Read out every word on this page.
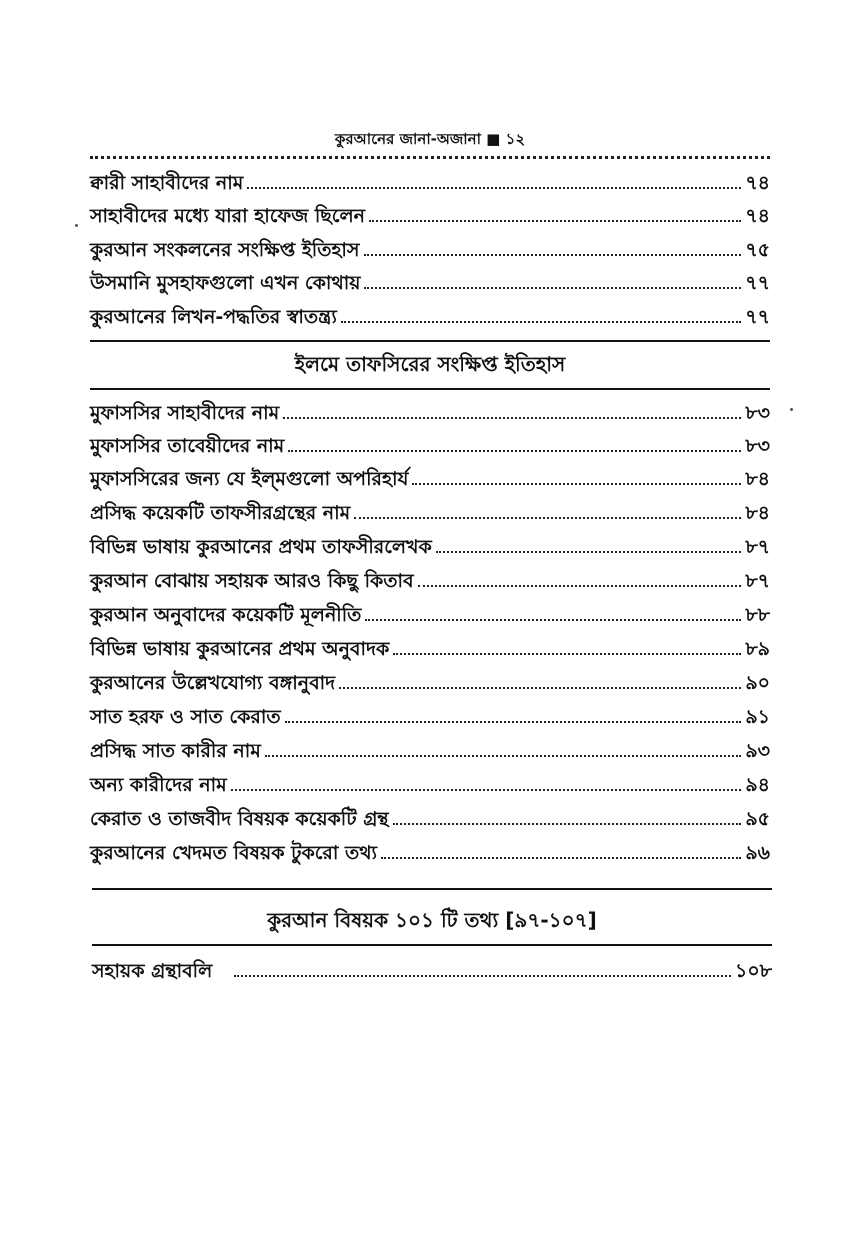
কুরআনের জানা-অজানা ■ ১২
ক্বারী সাহাবীদের নাম	৭৪
সাহাবীদের মধ্যে যারা হাফেজ ছিলেন	৭৪
কুরআন সংকলনের সংক্ষিপ্ত ইতিহাস	৭৫
উসমানি মুসহাফগুলো এখন কোথায়	৭৭
কুরআনের লিখন-পদ্ধতির স্বাতন্ত্র্য	৭৭
ইলমে তাফসিরের সংক্ষিপ্ত ইতিহাস
মুফাসসির সাহাবীদের নাম	৮৩
মুফাসসির তাবেয়ীদের নাম	৮৩
মুফাসসিরের জন্য যে ইল্‌মগুলো অপরিহার্য	৮৪
প্রসিদ্ধ কয়েকটি তাফসীরগ্রন্থের নাম	৮৪
বিভিন্ন ভাষায় কুরআনের প্রথম তাফসীরলেখক	৮৭
কুরআন বোঝায় সহায়ক আরও কিছু কিতাব	৮৭
কুরআন অনুবাদের কয়েকটি মূলনীতি	৮৮
বিভিন্ন ভাষায় কুরআনের প্রথম অনুবাদক	৮৯
কুরআনের উল্লেখযোগ্য বঙ্গানুবাদ	৯০
সাত হরফ ও সাত কেরাত	৯১
প্রসিদ্ধ সাত কারীর নাম	৯৩
অন্য কারীদের নাম	৯৪
কেরাত ও তাজবীদ বিষয়ক কয়েকটি গ্রন্থ	৯৫
কুরআনের খেদমত বিষয়ক টুকরো তথ্য	৯৬
কুরআন বিষয়ক ১০১ টি তথ্য [৯৭-১০৭]
সহায়ক গ্রন্থাবলি	১০৮
